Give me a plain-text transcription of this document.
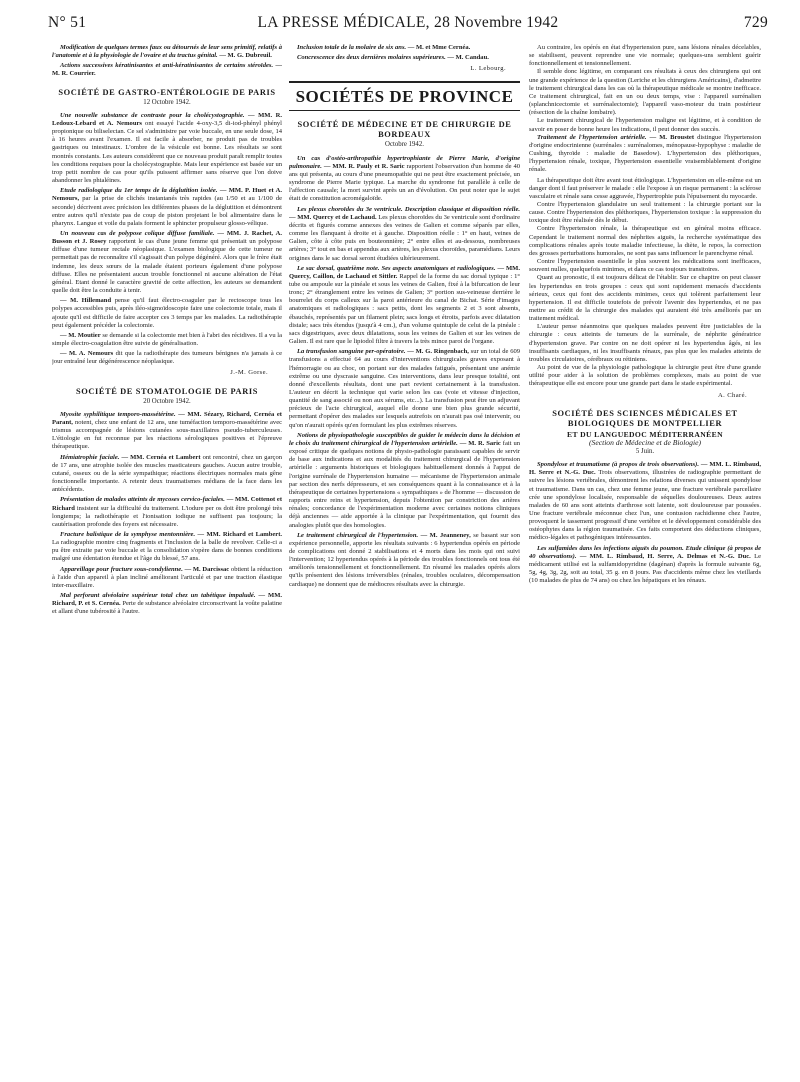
N° 51	LA PRESSE MÉDICALE, 28 Novembre 1942	729

Modification de quelques termes faux ou détournés de leur sens primitif, relatifs à l'anatomie et à la physiologie de l'ovaire et du tractus génital. — M. G. Dubreuil.

Actions successives kératinisantes et anti-kératinisantes de certains stéroïdes. — M. R. Courrier.

SOCIÉTÉ DE GASTRO-ENTÉROLOGIE DE PARIS
12 Octobre 1942.

Une nouvelle substance de contraste pour la cholécystographie. — MM. R. Ledoux-Lebard et A. Nemours ont essayé l'acide 4-oxy-3,5 di-iod-phényl phényl propionique ou biliselectan. Ce sel s'administre par voie buccale, en une seule dose, 14 à 16 heures avant l'examen. Il est facile à absorber, ne produit pas de troubles gastriques ou intestinaux. L'ombre de la vésicule est bonne. Les résultats se sont montrés constants. Les auteurs considèrent que ce nouveau produit paraît remplir toutes les conditions requises pour la cholécystographie. Mais leur expérience est basée sur un trop petit nombre de cas pour qu'ils puissent affirmer sans réserve que l'on doive abandonner les phtaléines.

Etude radiologique du 1er temps de la déglutition isolée. — MM. P. Huet et A. Nemours, par la prise de clichés instantanés très rapides (au 1/50 et au 1/100 de seconde) décrivent avec précision les différentes phases de la déglutition et démontrent entre autres qu'il n'existe pas de coup de piston projetant le bol alimentaire dans le pharynx. Langue et voile du palais forment le sphincter propulseur glosso-vélique.

Un nouveau cas de polypose colique diffuse familiale. — MM. J. Rachet, A. Busson et J. Rosey rapportent le cas d'une jeune femme qui présentait un polypose diffuse d'une tumeur rectale néoplasique. L'examen biologique de cette tumeur ne permettait pas de reconnaître s'il s'agissait d'un polype dégénéré. Alors que le frère était indemne, les deux sœurs de la malade étaient porteurs également d'une polypose diffuse. Elles ne présentaient aucun trouble fonctionnel ni aucune altération de l'état général. Etant donné le caractère gravité de cette affection, les auteurs se demandent quelle doit être la conduite à tenir.

— M. Hillemand pense qu'il faut électro-coaguler par le rectoscope tous les polypes accessibles puis, après iléo-sigmoïdoscopie faire une colectomie totale, mais il ajoute qu'il est difficile de faire accepter ces 3 temps par les malades. La radiothérapie peut également précéder la colectomie.

— M. Moutier se demande si la colectomie met bien à l'abri des récidives. Il a vu la simple électro-coagulation être suivie de généralisation.

— M. A. Nemours dit que la radiothérapie des tumeurs bénignes n'a jamais à ce jour entraîné leur dégénérescence néoplasique.

J.-M. Gorse.
SOCIÉTÉ DE STOMATOLOGIE DE PARIS
20 Octobre 1942.

Myosite syphilitique temporo-massétérine. — MM. Sézary, Richard, Cernéa et Parant, notent, chez une enfant de 12 ans, une tuméfaction temporo-massétérine avec trismus accompagnée de lésions cutanées sous-maxillaires pseudo-tuberculeuses. L'étiologie en fut reconnue par les réactions sérologiques positives et l'épreuve thérapeutique.

Hémiatrophie faciale. — MM. Cernéa et Lambert ont rencontré, chez un garçon de 17 ans, une atrophie isolée des muscles masticateurs gauches. Aucun autre trouble, cutané, osseux ou de la série sympathique; réactions électriques normales mais gêne fonctionnelle importante. A retenir deux traumatismes médians de la face dans les antécédents.

Présentation de malades atteints de mycoses cervico-faciales. — MM. Cottenot et Richard insistent sur la difficulté du traitement. L'iodure per os doit être prolongé très longtemps; la radiothérapie et l'ionisation iodique ne suffisent pas toujours; la cautérisation profonde des foyers est nécessaire.

Fracture balistique de la symphyse mentonnière. — MM. Richard et Lambert. La radiographie montre cinq fragments et l'inclusion de la balle de revolver. Celle-ci a pu être extraite par voie buccale et la consolidation s'opère dans de bonnes conditions malgré une édentation étendue et l'âge du blessé, 57 ans.

Appareillage pour fracture sous-condylienne. — M. Darcissac obtient la réduction à l'aide d'un appareil à plan incliné améliorant l'articulé et par une traction élastique inter-maxillaire.

Mal perforant alvéolaire supérieur total chez un tabétique impaludé. — MM. Richard, P. et S. Cernéa. Perte de substance alvéolaire circonscrivant la voûte palatine et allant d'une tubérosité à l'autre.

Inclusion totale de la molaire de six ans. — M. et Mme Cernéa.

Concrescence des deux dernières molaires supérieures. — M. Candau.

L. Lebourg.
SOCIÉTÉS DE PROVINCE
SOCIÉTÉ DE MÉDECINE ET DE CHIRURGIE DE BORDEAUX
Octobre 1942.

Un cas d'ostéo-arthropathie hypertrophiante de Pierre Marie, d'origine pulmonaire. — MM. R. Pauly et R. Saric rapportent l'observation d'un homme de 40 ans qui présenta, au cours d'une pneumopathie qui ne peut être exactement précisée, un syndrome de Pierre Marie typique. La marche du syndrome fut parallèle à celle de l'affection causale; la mort survint après un an d'évolution. On peut noter que le sujet était de constitution acromégaloïde.

Les plexus choroïdes du 3e ventricule. Description classique et disposition réelle. — MM. Quercy et de Lachaud. Les plexus choroïdes du 3e ventricule sont d'ordinaire décrits et figurés comme annexes des veines de Galien et comme séparés par elles, comme les flanquant à droite et à gauche. Disposition réelle : 1° en haut, veines de Galien, côte à côte puis en bouteonnière; 2° entre elles et au-dessous, nombreuses artères; 3° tout en bas et appendus aux artères, les plexus choroïdes, paramédians. Leurs origines dans le sac dorsal seront étudiées ultérieurement.

Le sac dorsal, quatrième note. Ses aspects anatomiques et radiologiques. — MM. Quercy, Caillon, de Lachaud et Sittler. Rappel de la forme du sac dorsal typique : 1° tube ou ampoule sur la pinéale et sous les veines de Galien, fixé à la bifurcation de leur tronc; 2° étranglement entre les veines de Galien; 3° portion sus-veineuse derrière le bourrelet du corps calleux sur la paroi antérieure du canal de Bichat. Série d'images anatomiques et radiologiques : sacs petits, dont les segments 2 et 3 sont absents, ébauchés, représentés par un filament plein; sacs longs et étroits, parfois avec dilatation distale; sacs très étendus (jusqu'à 4 cm.), d'un volume quintuple de celui de la pinéale : sacs digestriques, avec deux dilatations, sous les veines de Galien et sur les veines de Galien. Il est rare que le lipiodol filtre à travers la très mince paroi de l'organe.

La transfusion sanguine per-opératoire. — M. G. Ringenbach, sur un total de 609 transfusions a effectué 64 au cours d'interventions chirurgicales graves exposant à l'hémorragie ou au choc, on portant sur des malades fatigués, présentant une anémie extrême ou une dyscrasie sanguine. Ces interventions, dans leur presque totalité, ont donné d'excellents résultats, dont une part revient certainement à la transfusion. L'auteur en décrit la technique qui varie selon les cas (voie et vitesse d'injection, quantité de sang associé ou non aux sérums, etc...). La transfusion peut être un adjuvant précieux de l'acte chirurgical, auquel elle donne une bien plus grande sécurité, permettant d'opérer des malades sur lesquels autrefois on n'aurait pas osé intervenir, ou qu'on n'aurait opérés qu'en formulant les plus extrêmes réserves.

Notions de physiopathologie susceptibles de guider le médecin dans la décision et le choix du traitement chirurgical de l'hypertension artérielle. — M. R. Saric fait un exposé critique de quelques notions de physio-pathologie paraissant capables de servir de base aux indications et aux modalités du traitement chirurgical de l'hypertension artérielle : arguments historiques et biologiques habituellement donnés à l'appui de l'origine surrénale de l'hypertension humaine — mécanisme de l'hypertension animale par section des nerfs dépresseurs, et ses conséquences quant à la connaissance et à la thérapeutique de certaines hypertensions « sympathiques » de l'homme — discussion de rapports entre reins et hypertension, depuis l'obtention par constriction des artères rénales; concordance de l'expérimentation moderne avec certaines notions cliniques déjà anciennes — aide apportée à la clinique par l'expérimentation, qui fournit des analogies plutôt que des homologies.

Le traitement chirurgical de l'hypertension. — M. Jeanneney, se basant sur son expérience personnelle, apporte les résultats suivants : 6 hypertendus opérés en période de complications ont donné 2 stabilisations et 4 morts dans les mois qui ont suivi l'intervention; 12 hypertendus opérés à la période des troubles fonctionnels ont tous été améliorés tensionnellement et fonctionnellement. En résumé les malades opérés alors qu'ils présentent des lésions irréversibles (rénales, troubles oculaires, décompensation cardiaque) ne donnent que de médiocres résultats avec la chirurgie.

Au contraire, les opérés en état d'hypertension pure, sans lésions rénales décelables, se stabilisent, peuvent reprendre une vie normale; quelques-uns semblent guérir fonctionnellement et tensionnellement.

Il semble donc légitime, en comparant ces résultats à ceux des chirurgiens qui ont une grande expérience de la question (Leriche et les chirurgiens Américains), d'admettre le traitement chirurgical dans les cas où la thérapeutique médicale se montre inefficace. Ce traitement chirurgical, fait en un ou deux temps, vise : l'appareil surrénalien (splanchnicectomie et surrénalectomie); l'appareil vaso-moteur du train postérieur (résection de la chaîne lombaire).

Le traitement chirurgical de l'hypertension maligne est légitime, et à condition de savoir en poser de bonne heure les indications, il peut donner des succès.

Traitement de l'hypertension artérielle. — M. Broustet distingue l'hypertension d'origine endocrinienne (surrénales : surrénalomes, ménopause-hypophyse : maladie de Cushing, thyroïde : maladie de Basedow). L'hypertension des pléthoriques, l'hypertension rénale, toxique, l'hypertension essentielle vraisemblablement d'origine rénale.

La thérapeutique doit être avant tout étiologique. L'hypertension en elle-même est un danger dont il faut préserver le malade : elle l'expose à un risque permanent : la sclérose vasculaire et rénale sans cesse aggravée, l'hypertrophie puis l'épuisement du myocarde.

Contre l'hypertension glandulaire un seul traitement : la chirurgie portant sur la cause. Contre l'hypertension des pléthoriques, l'hypertension toxique : la suppression du toxique doit être réalisée dès le début.

Contre l'hypertension rénale, la thérapeutique est en général moins efficace. Cependant le traitement normal des néphrites aiguës, la recherche systématique des complications rénales après toute maladie infectieuse, la diète, le repos, la correction des grosses perturbations humorales, ne sont pas sans influencer le parenchyme rénal.

Contre l'hypertension essentielle le plus souvent les médications sont inefficaces, souvent nulles, quelquefois minimes, et dans ce cas toujours transitoires.

Quant au pronostic, il est toujours délicat de l'établir. Sur ce chapitre on peut classer les hypertendus en trois groupes : ceux qui sont rapidement menacés d'accidents sérieux, ceux qui font des accidents minimes, ceux qui tolèrent parfaitement leur hypertension. Il est difficile toutefois de prévoir l'avenir des hypertendus, et ne pas mettre au crédit de la chirurgie des malades qui auraient été très améliorés par un traitement médical.

L'auteur pense néanmoins que quelques malades peuvent être justiciables de la chirurgie : ceux atteints de tumeurs de la surrénale, de néphrite génératrice d'hypertension grave. Par contre on ne doit opérer ni les hypertendus âgés, ni les insuffisants cardiaques, ni les insuffisants rénaux, pas plus que les malades atteints de troubles circulatoires, cérébraux ou rétiniens.

Au point de vue de la physiologie pathologique la chirurgie peut être d'une grande utilité pour aider à la solution de problèmes complexes, mais au point de vue thérapeutique elle est encore pour une grande part dans le stade expérimental.

A. Charé.
SOCIÉTÉ DES SCIENCES MÉDICALES ET BIOLOGIQUES DE MONTPELLIER
ET DU LANGUEDOC MÉDITERRANÉEN
(Section de Médecine et de Biologie)
5 Juin.

Spondylose et traumatisme (à propos de trois observations). — MM. L. Rimbaud, H. Serre et N.-G. Duc. Trois observations, illustrées de radiographie permettant de suivre les lésions vertébrales, démontrent les relations diverses qui unissent spondylose et traumatisme. Dans un cas, chez une femme jeune, une fracture vertébrale parcellaire crée une spondylose localisée, responsable de séquelles douloureuses. Deux autres malades de 60 ans sont atteints d'arthrose soit latente, soit douloureuse par poussées. Une fracture vertébrale méconnue chez l'un, une contusion rachidienne chez l'autre, provoquent le tassement progressif d'une vertèbre et le développement considérable des ostéophytes dans la région traumatisée. Ces faits comportent des déductions cliniques, médico-légales et pathogéniques intéressantes.

Les sulfamides dans les infections aiguës du poumon. Etude clinique (à propos de 40 observations). — MM. L. Rimbaud, H. Serre, A. Delmas et N.-G. Duc. Le médicament utilisé est la sulfamidopyridine (dagénan) d'après la formule suivante 6g, 5g, 4g, 3g, 2g, soit au total, 35 g. en 8 jours. Pas d'accidents même chez les vieillards (10 malades de plus de 74 ans) ou chez les hépatiques et les rénaux.
